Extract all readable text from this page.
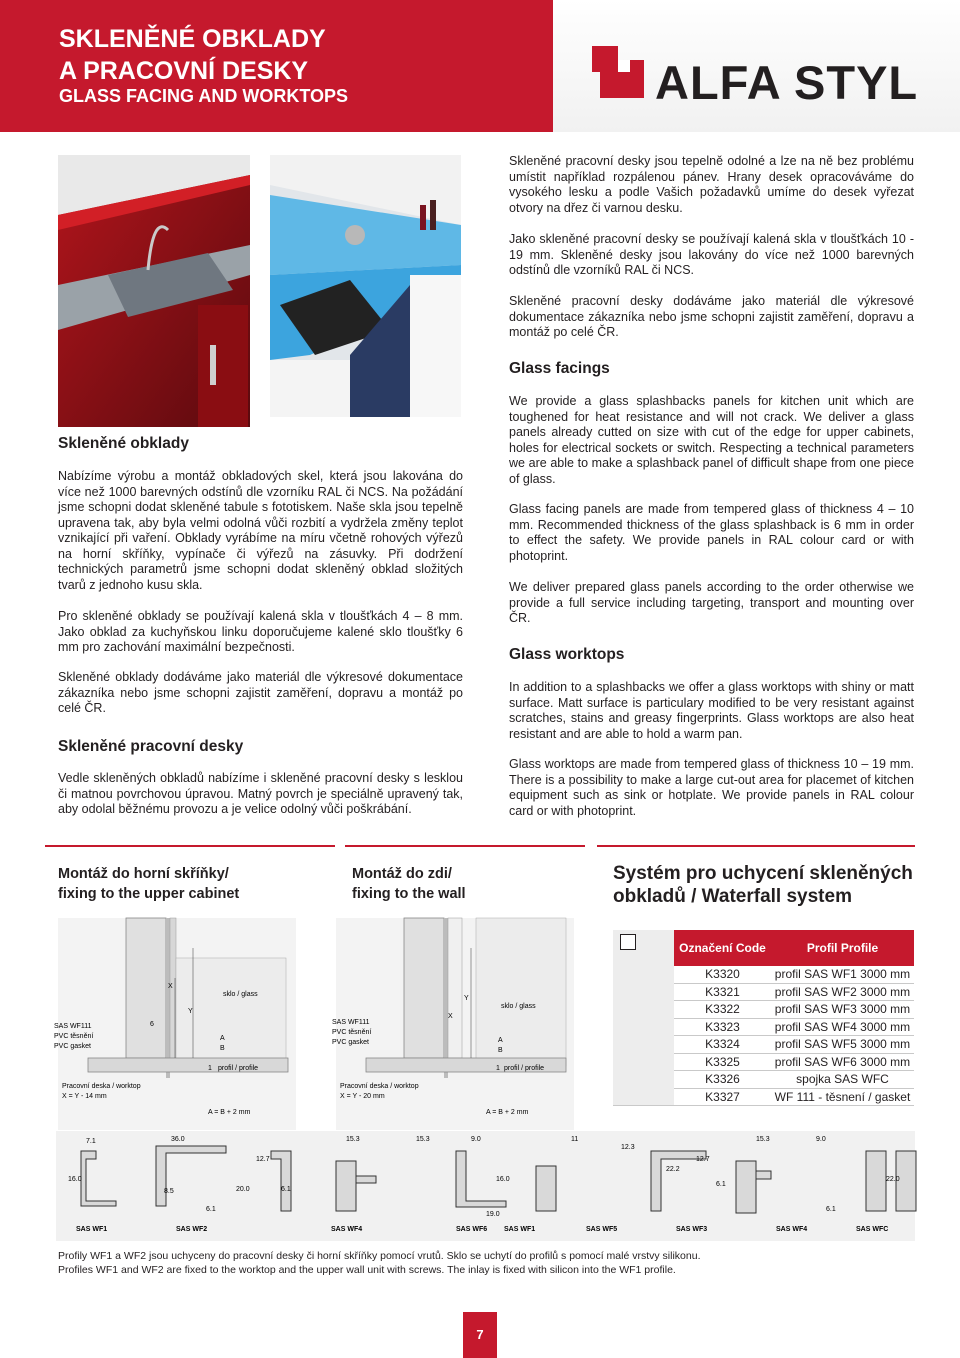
SKLENĚNÉ OBKLADY
A PRACOVNÍ DESKY
GLASS FACING AND WORKTOPS	ALFA STYL
Skleněné pracovní desky jsou tepelně odolné a lze na ně bez problému umístit například rozpálenou pánev. Hrany desek opracováváme do vysokého lesku a podle Vašich požadavků umíme do desek vyřezat otvory na dřez či varnou desku.
Jako skleněné pracovní desky se používají kalená skla v tloušťkách 10 - 19 mm. Skleněné desky jsou lakovány do více než 1000 barevných odstínů dle vzorníků RAL či NCS.
Skleněné pracovní desky dodáváme jako materiál dle výkresové dokumentace zákazníka nebo jsme schopni zajistit zaměření, dopravu a montáž po celé ČR.
Glass facings
We provide a glass splashbacks panels for kitchen unit which are toughened for heat resistance and will not crack. We deliver a glass panels already cutted on size with cut of the edge for upper cabinets, holes for electrical sockets or switch. Respecting a technical parameters we are able to make a splashback panel of difficult shape from one piece of glass.
Glass facing panels are made from tempered glass of thickness 4 – 10 mm. Recommended thickness of the glass splashback is 6 mm in order to effect the safety. We provide panels in RAL colour card or with photoprint.
We deliver prepared glass panels according to the order otherwise we provide a full service including targeting, transport and mounting over ČR.
Glass worktops
In addition to a splashbacks we offer a glass worktops with shiny or matt surface. Matt surface is particulary modified to be very resistant against scratches, stains and greasy fingerprints. Glass worktops are also heat resistant and are able to hold a warm pan.
Glass worktops are made from tempered glass of thickness 10 – 19 mm. There is a possibility to make a large cut-out area for placemet of kitchen equipment such as sink or hotplate. We provide panels in RAL colour card or with photoprint.
Skleněné obklady
Nabízíme výrobu a montáž obkladových skel, která jsou lakována do více než 1000 barevných odstínů dle vzorníku RAL či NCS. Na požádání jsme schopni dodat skleněné tabule s fototiskem. Naše skla jsou tepelně upravena tak, aby byla velmi odolná vůči rozbití a vydržela změny teplot vznikající při vaření. Obklady vyrábíme na míru včetně rohových výřezů na horní skříňky, vypínače či výřezů na zásuvky. Při dodržení technických parametrů jsme schopni dodat skleněný obklad složitých tvarů z jednoho kusu skla.
Pro skleněné obklady se používají kalená skla v tloušťkách 4 – 8 mm. Jako obklad za kuchyňskou linku doporučujeme kalené sklo tloušťky 6 mm pro zachování maximální bezpečnosti.
Skleněné obklady dodáváme jako materiál dle výkresové dokumentace zákazníka nebo jsme schopni zajistit zaměření, dopravu a montáž po celé ČR.
Skleněné pracovní desky
Vedle skleněných obkladů nabízíme i skleněné pracovní desky s lesklou či matnou povrchovou úpravou. Matný povrch je speciálně upravený tak, aby odolal běžnému provozu a je velice odolný vůči poškrábání.
Montáž do horní skříňky/
fixing to the upper cabinet
Montáž do zdi/
fixing to the wall
Systém pro uchycení skleněných
obkladů / Waterfall system
X
Y
6
sklo / glass
SAS WF111
PVC těsnění
PVC gasket
A
B
1 profil / profile
Pracovní deska / worktop
X = Y - 14 mm
A = B + 2 mm
X
Y
sklo / glass
SAS WF111
PVC těsnění
PVC gasket	A
B
1 profil / profile
Pracovní deska / worktop
X = Y - 20 mm
A = B + 2 mm
1	Označení Code	Profil Profile
	K3320	profil SAS WF1 3000 mm
	K3321	profil SAS WF2 3000 mm
	K3322	profil SAS WF3 3000 mm
	K3323	profil SAS WF4 3000 mm
	K3324	profil SAS WF5 3000 mm
	K3325	profil SAS WF6 3000 mm
	K3326	spojka SAS WFC
	K3327	WF 111 - těsnení / gasket
SAS WF1	SAS WF2	SAS WF4	SAS WF6 SAS WF1	SAS WF5	SAS WF3	SAS WF4	SAS WFC
7.1
16.0
36.0
8.5
6.1
20.0
15.3
12.7
6.1
15.3	9.0
16.0
19.0
11
12.3
22.2
12.7
6.1
15.3	9.0
6.1
22.0
Profily WF1 a WF2 jsou uchyceny do pracovní desky či horní skříňky pomocí vrutů. Sklo se uchytí do profilů s pomocí malé vrstvy silikonu.
Profiles WF1 and WF2 are fixed to the worktop and the upper wall unit with screws. The inlay is fixed with silicon into the WF1 profile.
7
